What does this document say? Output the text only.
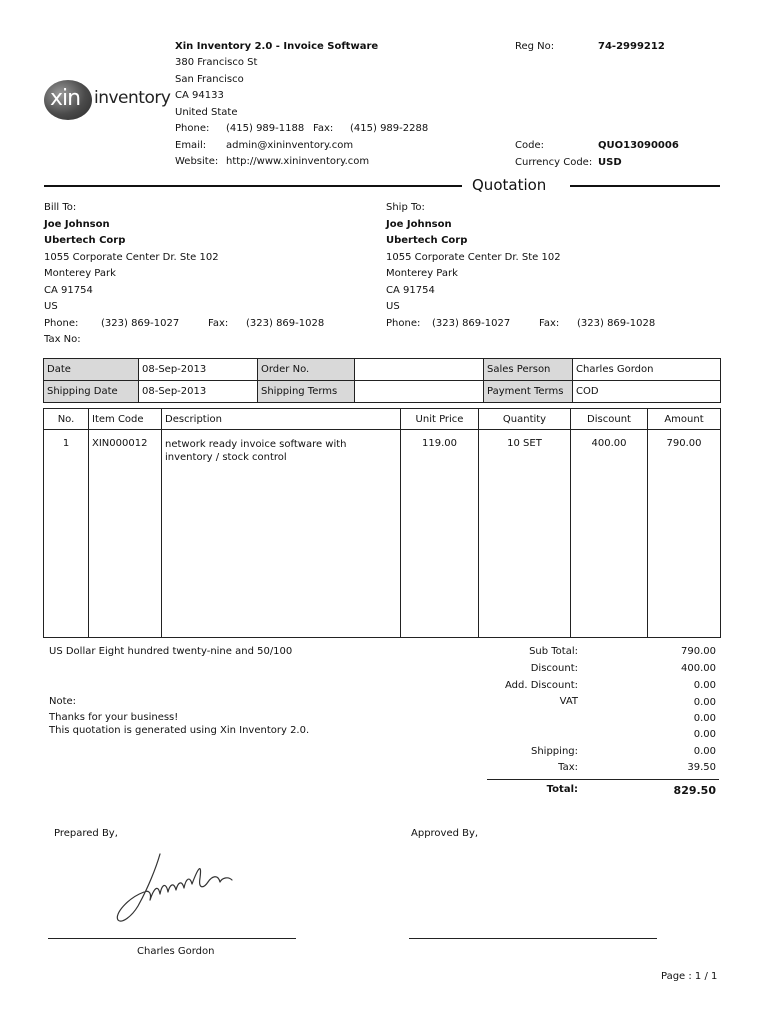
xin inventory
Xin Inventory 2.0 - Invoice Software
380 Francisco St
San Francisco
CA 94133
United State
Phone: (415) 989-1188 Fax: (415) 989-2288
Email: admin@xininventory.com
Website: http://www.xininventory.com
Reg No:	74-2999212
Code:	QUO13090006
Currency Code: USD
Quotation
Bill To:
Joe Johnson
Ubertech Corp
1055 Corporate Center Dr. Ste 102
Monterey Park
CA 91754
US
Phone: (323) 869-1027	Fax: (323) 869-1028
Tax No:
Ship To:
Joe Johnson
Ubertech Corp
1055 Corporate Center Dr. Ste 102
Monterey Park
CA 91754
US
Phone: (323) 869-1027	Fax: (323) 869-1028
Date	08-Sep-2013	Order No.		Sales Person	Charles Gordon
Shipping Date	08-Sep-2013	Shipping Terms		Payment Terms	COD
No.	Item Code	Description	Unit Price	Quantity	Discount	Amount
1	XIN000012	network ready invoice software with inventory / stock control	119.00	10 SET	400.00	790.00
US Dollar Eight hundred twenty-nine and 50/100
Note:
Thanks for your business!
This quotation is generated using Xin Inventory 2.0.
Sub Total:	790.00
Discount:	400.00
Add. Discount:	0.00
VAT	0.00
0.00
0.00
Shipping:	0.00
Tax:	39.50
Total:	829.50
Prepared By,	Approved By,
Charles Gordon
Page : 1 / 1
